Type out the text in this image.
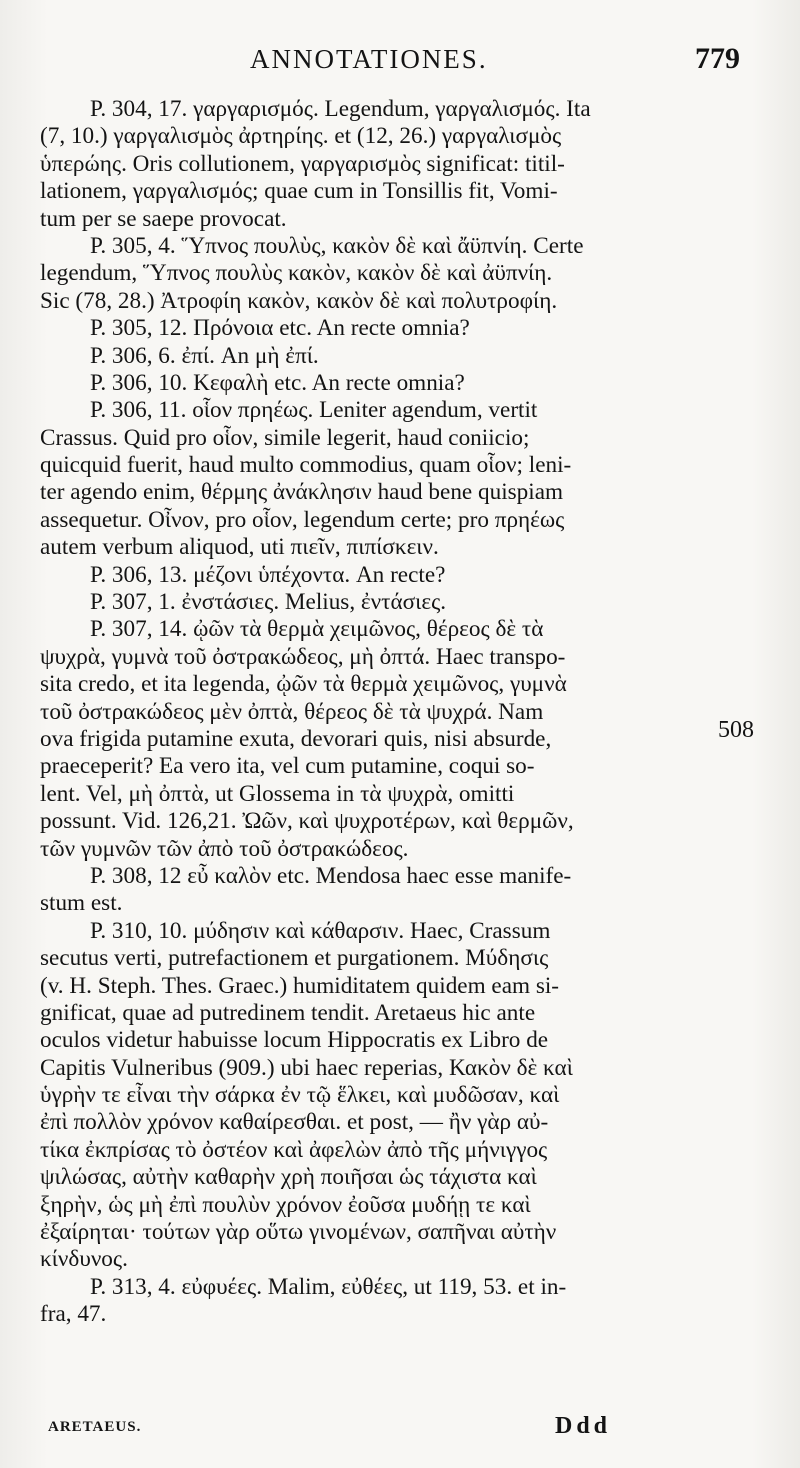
ANNOTATIONES.	779
P. 304, 17. γαργαρισμός. Legendum, γαργαλισμός. Ita
(7, 10.) γαργαλισμὸς ἀρτηρίης. et (12, 26.) γαργαλισμὸς
ὑπερώης. Oris collutionem, γαργαρισμὸς significat: titil-
lationem, γαργαλισμός; quae cum in Tonsillis fit, Vomi-
tum per se saepe provocat.
P. 305, 4. Ὕπνος πουλὺς, κακὸν δὲ καὶ ἄϋπνίη. Certe
legendum, Ὕπνος πουλὺς κακὸν, κακὸν δὲ καὶ ἀϋπνίη.
Sic (78, 28.) Ἀτροφίη κακὸν, κακὸν δὲ καὶ πολυτροφίη.
P. 305, 12. Πρόνοια etc. An recte omnia?
P. 306, 6. ἐπί. An μὴ ἐπί.
P. 306, 10. Κεφαλὴ etc. An recte omnia?
P. 306, 11. οἷον πρηέως. Leniter agendum, vertit
Crassus. Quid pro οἷον, simile legerit, haud coniicio;
quicquid fuerit, haud multo commodius, quam οἷον; leni-
ter agendo enim, θέρμης ἀνάκλησιν haud bene quispiam
assequetur. Οἶνον, pro οἷον, legendum certe; pro πρηέως
autem verbum aliquod, uti πιεῖν, πιπίσκειν.
P. 306, 13. μέζονι ὑπέχοντα. An recte?
P. 307, 1. ἐνστάσιες. Melius, ἐντάσιες.
P. 307, 14. ᾠῶν τὰ θερμὰ χειμῶνος, θέρεος δὲ τὰ
ψυχρὰ, γυμνὰ τοῦ ὀστρακώδεος, μὴ ὀπτά. Haec transpo-
sita credo, et ita legenda, ᾠῶν τὰ θερμὰ χειμῶνος, γυμνὰ
τοῦ ὀστρακώδεος μὲν ὀπτὰ, θέρεος δὲ τὰ ψυχρά. Nam
ova frigida putamine exuta, devorari quis, nisi absurde,
praeceperit? Ea vero ita, vel cum putamine, coqui so-
lent. Vel, μὴ ὀπτὰ, ut Glossema in τὰ ψυχρὰ, omitti
possunt. Vid. 126,21. Ὠῶν, καὶ ψυχροτέρων, καὶ θερμῶν,
τῶν γυμνῶν τῶν ἀπὸ τοῦ ὀστρακώδεος.
P. 308, 12 εὖ καλὸν etc. Mendosa haec esse manife-
stum est.
P. 310, 10. μύδησιν καὶ κάθαρσιν. Haec, Crassum
secutus verti, putrefactionem et purgationem. Μύδησις
(v. H. Steph. Thes. Graec.) humiditatem quidem eam si-
gnificat, quae ad putredinem tendit. Aretaeus hic ante
oculos videtur habuisse locum Hippocratis ex Libro de
Capitis Vulneribus (909.) ubi haec reperias, Κακὸν δὲ καὶ
ὑγρὴν τε εἶναι τὴν σάρκα ἐν τῷ ἕλκει, καὶ μυδῶσαν, καὶ
ἐπὶ πολλὸν χρόνον καθαίρεσθαι. et post, — ἢν γὰρ αὐ-
τίκα ἐκπρίσας τὸ ὀστέον καὶ ἀφελὼν ἀπὸ τῆς μήνιγγος
ψιλώσας, αὐτὴν καθαρὴν χρὴ ποιῆσαι ὡς τάχιστα καὶ
ξηρὴν, ὡς μὴ ἐπὶ πουλὺν χρόνον ἐοῦσα μυδήῃ τε καὶ
ἐξαίρηται· τούτων γὰρ οὕτω γινομένων, σαπῆναι αὐτὴν
κίνδυνος.
P. 313, 4. εὐφυέες. Malim, εὐθέες, ut 119, 53. et in-
fra, 47.
508
ARETAEUS.	Ddd
